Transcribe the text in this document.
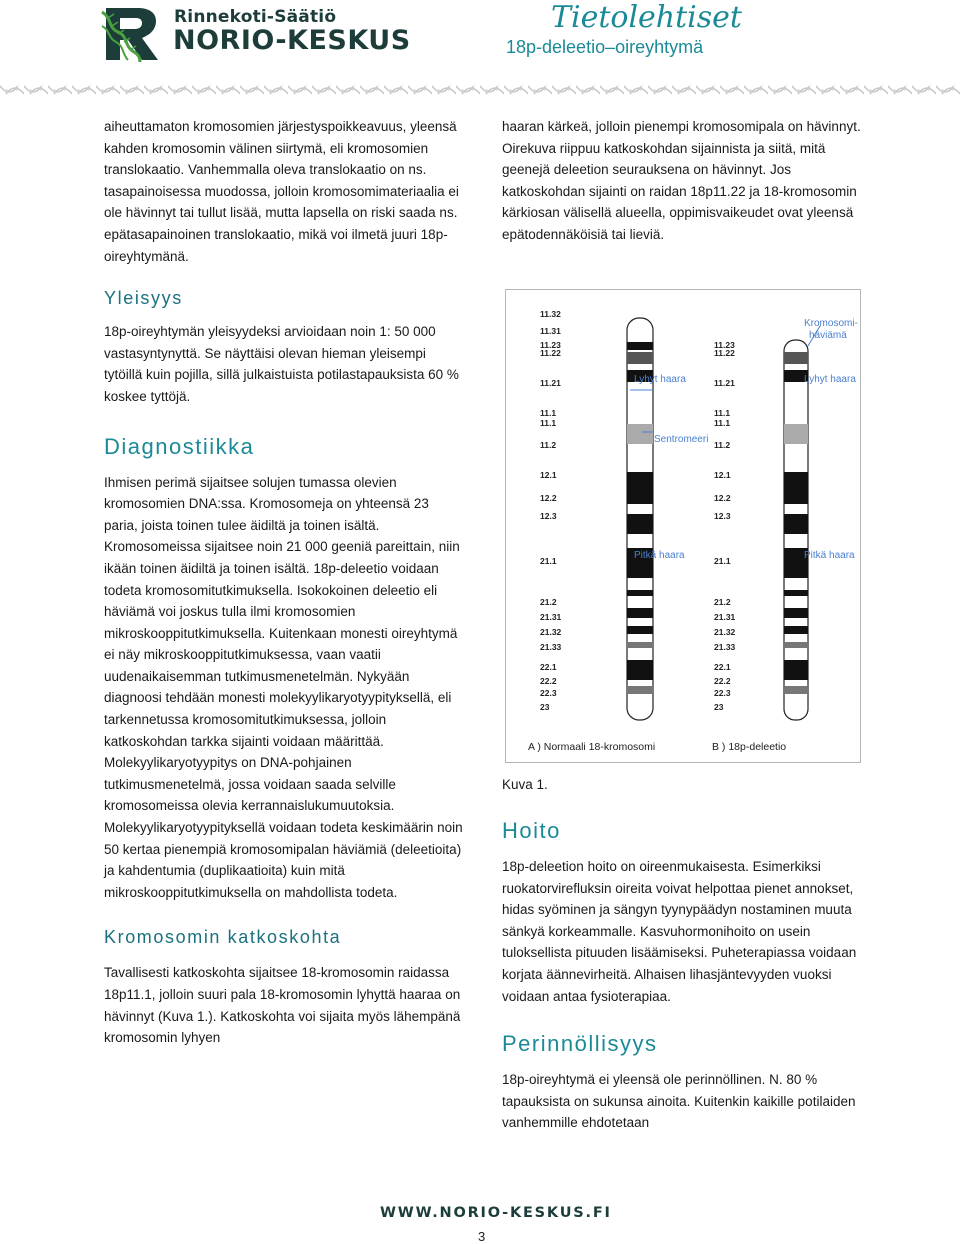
Rinnekoti-Säätiö
NORIO-KESKUS
Tietolehtiset
18p-deleetio–oireyhtymä

aiheuttamaton kromosomien järjestyspoikkeavuus, yleensä kahden kromosomin välinen siirtymä, eli kromosomien translokaatio. Vanhemmalla oleva translokaatio on ns. tasapainoisessa muodossa, jolloin kromosomimateriaalia ei ole hävinnyt tai tullut lisää, mutta lapsella on riski saada ns. epätasapainoinen translokaatio, mikä voi ilmetä juuri 18p-oireyhtymänä.

Yleisyys

18p-oireyhtymän yleisyydeksi arvioidaan noin 1: 50 000 vastasyntynyttä. Se näyttäisi olevan hieman yleisempi tytöillä kuin pojilla, sillä julkaistuista potilastapauksista 60 % koskee tyttöjä.

Diagnostiikka

Ihmisen perimä sijaitsee solujen tumassa olevien kromosomien DNA:ssa. Kromosomeja on yhteensä 23 paria, joista toinen tulee äidiltä ja toinen isältä. Kromosomeissa sijaitsee noin 21 000 geeniä pareittain, niin ikään toinen äidiltä ja toinen isältä. 18p-deleetio voidaan todeta kromosomitutkimuksella. Isokokoinen deleetio eli häviämä voi joskus tulla ilmi kromosomien mikroskooppitutkimuksella. Kuitenkaan monesti oireyhtymä ei näy mikroskooppitutkimuksessa, vaan vaatii uudenaikaisemman tutkimusmenetelmän. Nykyään diagnoosi tehdään monesti molekyylikaryotyypityksellä, eli tarkennetussa kromosomitutkimuksessa, jolloin katkoskohdan tarkka sijainti voidaan määrittää. Molekyylikaryotyypitys on DNA-pohjainen tutkimusmenetelmä, jossa voidaan saada selville kromosomeissa olevia kerrannaislukumuutoksia. Molekyylikaryotyypityksellä voidaan todeta keskimäärin noin 50 kertaa pienempiä kromosomipalan häviämiä (deleetioita) ja kahdentumia (duplikaatioita) kuin mitä mikroskooppitutkimuksella on mahdollista todeta.

Kromosomin katkoskohta

Tavallisesti katkoskohta sijaitsee 18-kromosomin raidassa 18p11.1, jolloin suuri pala 18-kromosomin lyhyttä haaraa on hävinnyt (Kuva 1.). Katkoskohta voi sijaita myös lähempänä kromosomin lyhyen

haaran kärkeä, jolloin pienempi kromosomipala on hävinnyt. Oirekuva riippuu katkoskohdan sijainnista ja siitä, mitä geenejä deleetion seurauksena on hävinnyt. Jos katkoskohdan sijainti on raidan 18p11.22 ja 18-kromosomin kärkiosan välisellä alueella, oppimisvaikeudet ovat yleensä epätodennäköisiä tai lieviä.

11.32
11.31
11.23
11.22
11.21
11.1
11.1
11.2
12.1
12.2
12.3
21.1
21.2
21.31
21.32
21.33
22.1
22.2
22.3
23
11.23
11.22
11.21
11.1
11.1
11.2
12.1
12.2
12.3
21.1
21.2
21.31
21.32
21.33
22.1
22.2
22.3
23
Lyhyt haara	Lyhyt haara
Sentromeeri
Pitkä haara	Pitkä haara
Kromosomi-
häviämä
A ) Normaali 18-kromosomi	B ) 18p-deleetio
Kuva 1.
Hoito

18p-deleetion hoito on oireenmukaisesta. Esimerkiksi ruokatorvirefluksin oireita voivat helpottaa pienet annokset, hidas syöminen ja sängyn tyynypäädyn nostaminen muuta sänkyä korkeammalle. Kasvuhormonihoito on usein tuloksellista pituuden lisäämiseksi. Puheterapiassa voidaan korjata äännevirheitä. Alhaisen lihasjäntevyyden vuoksi voidaan antaa fysioterapiaa.

Perinnöllisyys

18p-oireyhtymä ei yleensä ole perinnöllinen. N. 80 % tapauksista on sukunsa ainoita. Kuitenkin kaikille potilaiden vanhemmille ehdotetaan

WWW.NORIO-KESKUS.FI
3
